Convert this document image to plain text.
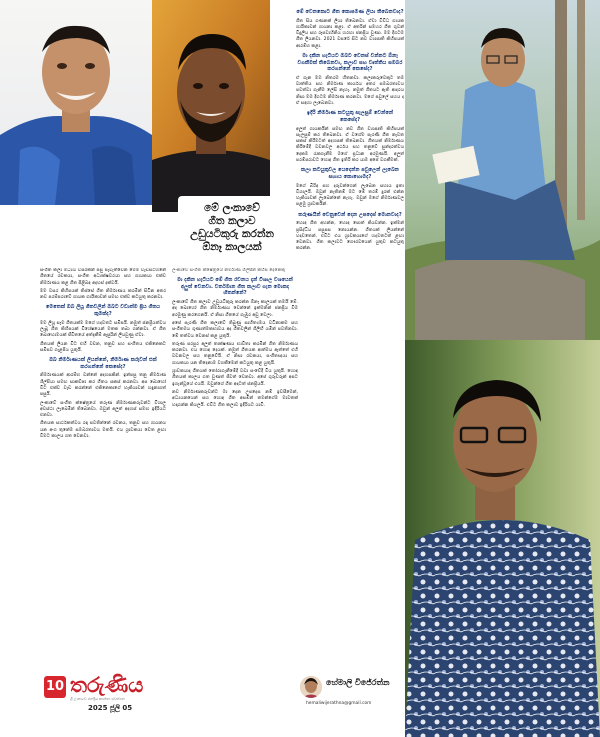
මේ ලංකාවේ
ගීත කලාව
උඩුයටිකුරු කරන්න
ඕනෑ කාලයක්

සංගීත කලා මධ්‍යය වසරකින් පසු පැවැත්වෙන මෙම වැඩසටහනේ ගීතයේ රචකයා, සංගීත අධ්‍යක්ෂවරයා සහ ගායකයා එක්ව නිර්මාණය කළ ගීත පිළිබඳ අදහස් දක්වයි.

මම වසර කිහිපයක් තිස්සේ ගීත නිර්මාණය කරමින් සිටින අතර නව පරම්පරාවේ ගායක ගායිකාවන් සමඟ එක්ව කටයුතු කරනවා.

මෙතෙක් ඔබ ලියූ ගීතවලින් ඔබට වඩාත්ම ප්‍රිය ගීතය කුමක්ද?

මම ලියූ සෑම ගීතයක්ම මගේ හදවතට සමීපයි. නමුත් ජනප්‍රියත්වය ලැබූ ගීත කිහිපයක් විශේෂයෙන් මතක තබා ගන්නවා. ඒ ගීත බොහොමයක් ජීවිතයේ අත්දැකීම් ඇසුරින් ලියවුණු ඒවා.

ගීතයක් ලියන විට එහි වචන, තනුව සහ සංගීතය එකිනෙකට සමීපව ගැළපිය යුතුයි.

ඔබ නිර්මාණයක් ලියන්නේ, නිර්මාණ කරුවන් එක් කරගන්නේ කෙසේද?

නිර්මාණයක් ආරම්භ වන්නේ අදහසකින්. ඉන්පසු තනු නිර්මාණ ශිල්පියා සමඟ සාකච්ඡා කර ගීතය සකස් කරනවා. අප බොහෝ විට එක්ව වැඩ කරන්නේ එකිනෙකාගේ හැකියාවන් හඳුනාගත් පසුයි.

ලංකාවේ සංගීත ක්ෂේත්‍රයේ තරුණ නිර්මාණකරුවන්ට විශාල අවස්ථා ලැබෙමින් තිබෙනවා. ඔවුන් අලුත් අදහස් සමඟ ඉදිරියට එනවා.

ගීතයක සාර්ථකත්වය රඳා පවතින්නේ රචනය, තනුව සහ ගායනය යන අංග තුනේම සමබරතාවය මතයි. එය ශ්‍රාවකයා වෙත ළඟා වීමට කාලය ගත වෙනවා.

ලංකාවේ සංගීත ක්ෂේත්‍රයේ නිර්මාණ ශිල්පීන් කිහිප දෙනෙකු

මා දකින හැටියට මේ ගීත රචනය දැන් විශාල වශයෙන් අලුත් වෙනවා. වර්තමාන ගීත කලාව ගැන මොකද හිතන්නේ?

ලංකාවේ ගීත කලාව උඩුයටිකුරු කරන්න ඕනෑ කාලයක් තමයි මේ. අද බොහෝ ගීත නිර්මාණය වෙන්නේ ඉක්මනින් ජනප්‍රිය වීම අරමුණු කරගෙනයි. ඒ නිසා ගීතයේ ගැඹුර අඩු වෙලා.

අපේ පැරණි ගීත කලාවේ තිබුණු සාහිත්‍යමය වටිනාකම සහ සංගීතමය ගුණාත්මකභාවය අද ගීතවලින් ගිලිහී යමින් පවතිනවා. මේ තත්වය වෙනස් කළ යුතුයි.

තරුණ පරපුර අලුත් තාක්ෂණය භාවිතා කරමින් ගීත නිර්මාණය කරනවා. එය හොඳ දෙයක්. නමුත් ගීතයක ආත්මය ඇත්තේ එහි වචනවල සහ තනුවේයි. ඒ නිසා රචකයා, සංගීතඥයා සහ ගායකයා යන තිදෙනාම වගකීමෙන් කටයුතු කළ යුතුයි.

ශ්‍රාවකයාද ගීතයක් තෝරාගැනීමේදී වඩා සංවේදී විය යුතුයි. හොඳ ගීතයක් කාලය ගත වුණත් ජීවත් වෙනවා. අපේ ගුරුවරුන් අපට ඉගැන්වූයේ එයයි. ඔවුන්ගේ ගීත අදටත් ජනප්‍රියයි.

නව නිර්මාණකරුවන්ට මා දෙන උපදෙස නම් ඉවසීමෙන්, අධ්‍යයනයෙන් සහ හොඳ ගීත අසමින් තමන්ගේම මාවතක් හදාගන්න කියලයි. එවිට ගීත කලාව ඉදිරියට යාවි.

මේ වෙනකොට ගීත කොපමණ ලියා තිබෙනවාද?

ගීත සිය ගණනක් ලියා තිබෙනවා. ඒවා විවිධ ගායක ගායිකාවන් ගායනා කළා. ඒ අතරින් සමහර ගීත ගුවන් විදුලිය සහ රූපවාහිනිය හරහා ජනප්‍රිය වුණා. මම දිගටම ගීත ලියනවා. 2021 වසරේ සිට නව ව්‍යාපෘති කිහිපයක් ආරම්භ කළා.

මා දකින හැටියට ඔබට වෙනස් වන්නට ඕනෑ වගකීමක් තිබෙනවා, කලාව සහ වෘත්තිය සමබර කරගන්නේ කෙසේද?

ඒ ගැන මම නිතරම හිතනවා. කලාකරුවෙකුට තම වෘත්තිය සහ නිර්මාණ කාර්යය අතර සමබරතාවය පවත්වා ගැනීම ලේසි නැහැ. නමුත් ගීතයට ඇති ආදරය නිසා මම දිගටම නිර්මාණ කරනවා. මගේ පවුලේ සහය ද ඒ සඳහා ලැබෙනවා.

ඉදිරි නිර්මාණ කටයුතු සැලසුම් වෙන්නේ කෙසේද?

අලුත් ගායකයින් සමඟ නව ගීත ව්‍යාපෘති කිහිපයක් සැලසුම් කර තිබෙනවා. ඒ වගේම පැරණි ගීත නැවත සකස් කිරීමටත් අදහසක් තිබෙනවා. ගීතයක් නිර්මාණය කිරීමේදී වචනවල අර්ථය සහ තනුවේ සුන්දරත්වය දෙකම රැකගැනීම මගේ ප්‍රධාන අරමුණයි. අලුත් පරම්පරාවට හොඳ ගීත ඉතිරි කර යාම අපේ වගකීමක්.

කලා කටයුතුවල යෙදෙන්න පවුලෙන් ලැබෙන සහාය කොහොමද?

මගේ බිරිඳ සහ දරුවන්ගෙන් ලැබෙන සහාය ඉතා විශාලයි. ඔවුන් නැතිනම් මට මේ තරම් දුරක් එන්න හැකියාවක් ලැබෙන්නේ නැහැ. ඔවුන් මගේ නිර්මාණවල පළමු ශ්‍රාවකයින්.

තරුණයින් වෙනුවෙන් දෙන උපදෙස් මොනවාද?

හොඳ ගීත අහන්න, හොඳ පොත් කියවන්න. ඉක්මන් ප්‍රසිද්ධිය පසුපස නොයන්න. ගීතයක් ලියන්නේ හදවතෙන්. එවිට එය ශ්‍රාවකයාගේ හදවතටත් ළඟා වෙනවා. ගීත කලාවට ගෞරවයෙන් යුතුව කටයුතු කරන්න.

10 තරුණිය
ශ්‍රී ලංකාවේ ජනප්‍රිය කාන්තා පුවත්පත
2025 ජූලි 05
හේමාලි විජේරත්න
hemaliwijerathna@gmail.com
